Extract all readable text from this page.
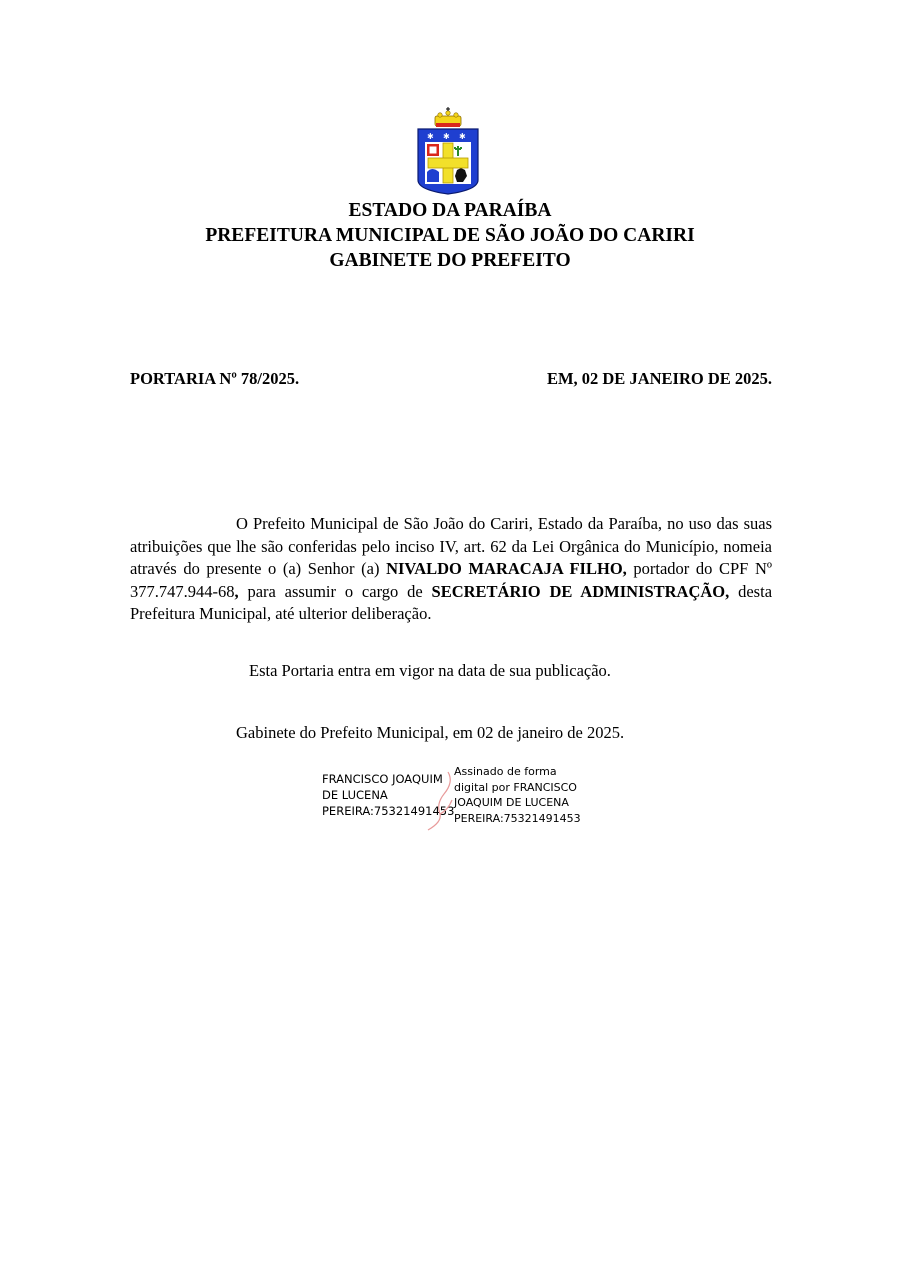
✱ ✱ ✱
ESTADO DA PARAÍBA
PREFEITURA MUNICIPAL DE SÃO JOÃO DO CARIRI
GABINETE DO PREFEITO
PORTARIA Nº 78/2025.	EM, 02 DE JANEIRO DE 2025.
O Prefeito Municipal de São João do Cariri, Estado da Paraíba, no uso das suas atribuições que lhe são conferidas pelo inciso IV, art. 62 da Lei Orgânica do Município, nomeia através do presente o (a) Senhor (a) NIVALDO MARACAJA FILHO, portador do CPF Nº 377.747.944-68, para assumir o cargo de SECRETÁRIO DE ADMINISTRAÇÃO, desta Prefeitura Municipal, até ulterior deliberação.
Esta Portaria entra em vigor na data de sua publicação.
Gabinete do Prefeito Municipal, em 02 de janeiro de 2025.
FRANCISCO JOAQUIM
DE LUCENA
PEREIRA:75321491453
Assinado de forma
digital por FRANCISCO
JOAQUIM DE LUCENA
PEREIRA:75321491453
